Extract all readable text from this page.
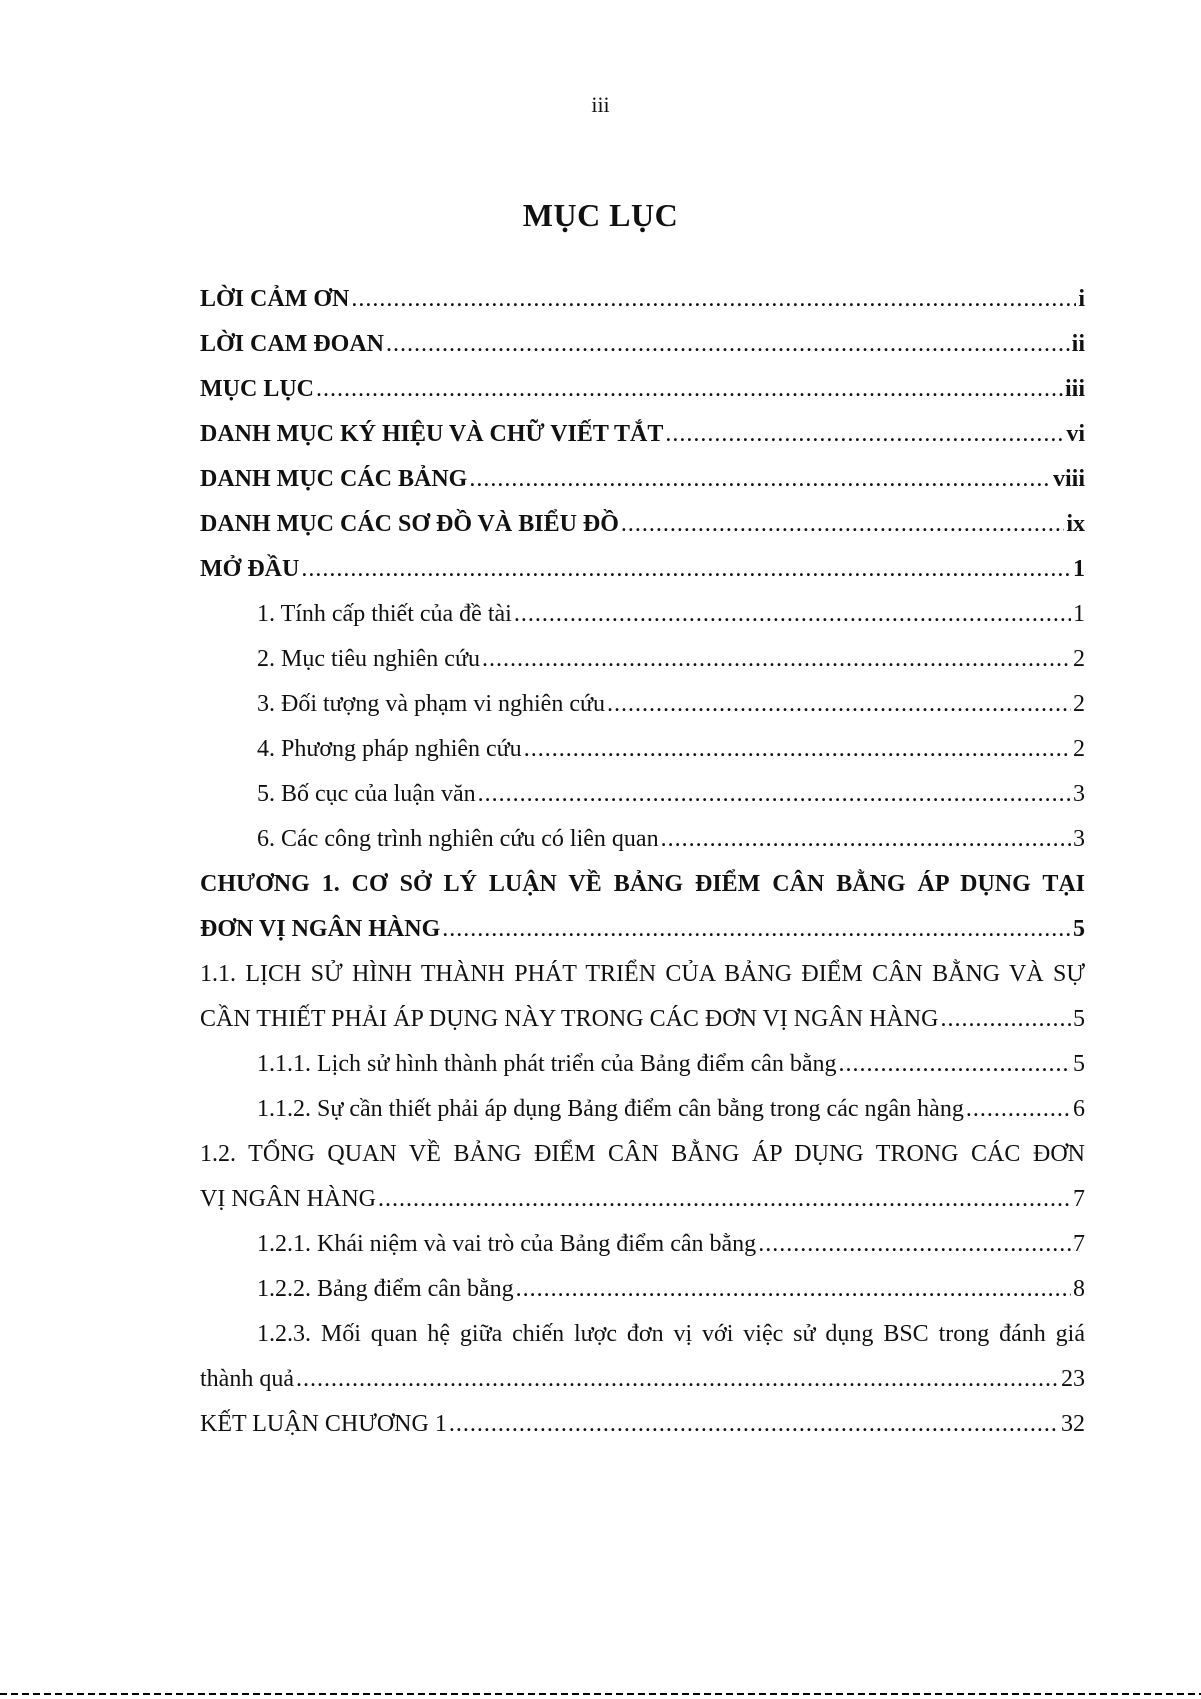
iii
MỤC LỤC
LỜI CẢM ƠN .....	i
LỜI CAM ĐOAN .....	ii
MỤC LỤC .....	iii
DANH MỤC KÝ HIỆU VÀ CHỮ VIẾT TẮT .....	vi
DANH MỤC CÁC BẢNG .....	viii
DANH MỤC CÁC SƠ ĐỒ VÀ BIỂU ĐỒ .....	ix
MỞ ĐẦU .....	1
1. Tính cấp thiết của đề tài .....	1
2. Mục tiêu nghiên cứu .....	2
3. Đối tượng và phạm vi nghiên cứu .....	2
4. Phương pháp nghiên cứu .....	2
5. Bố cục của luận văn .....	3
6. Các công trình nghiên cứu có liên quan .....	3
CHƯƠNG 1. CƠ SỞ LÝ LUẬN VỀ BẢNG ĐIỂM CÂN BẰNG ÁP DỤNG TẠI
ĐƠN VỊ NGÂN HÀNG .....	5
1.1. LỊCH SỬ HÌNH THÀNH PHÁT TRIỂN CỦA BẢNG ĐIỂM CÂN BẰNG VÀ SỰ
CẦN THIẾT PHẢI ÁP DỤNG NÀY TRONG CÁC ĐƠN VỊ NGÂN HÀNG .....	5
1.1.1. Lịch sử hình thành phát triển của Bảng điểm cân bằng .....	5
1.1.2. Sự cần thiết phải áp dụng Bảng điểm cân bằng trong các ngân hàng .....	6
1.2. TỔNG QUAN VỀ BẢNG ĐIỂM CÂN BẰNG ÁP DỤNG TRONG CÁC ĐƠN
VỊ NGÂN HÀNG .....	7
1.2.1. Khái niệm và vai trò của Bảng điểm cân bằng .....	7
1.2.2. Bảng điểm cân bằng .....	8
1.2.3. Mối quan hệ giữa chiến lược đơn vị với việc sử dụng BSC trong đánh giá
thành quả .....	23
KẾT LUẬN CHƯƠNG 1 .....	32
